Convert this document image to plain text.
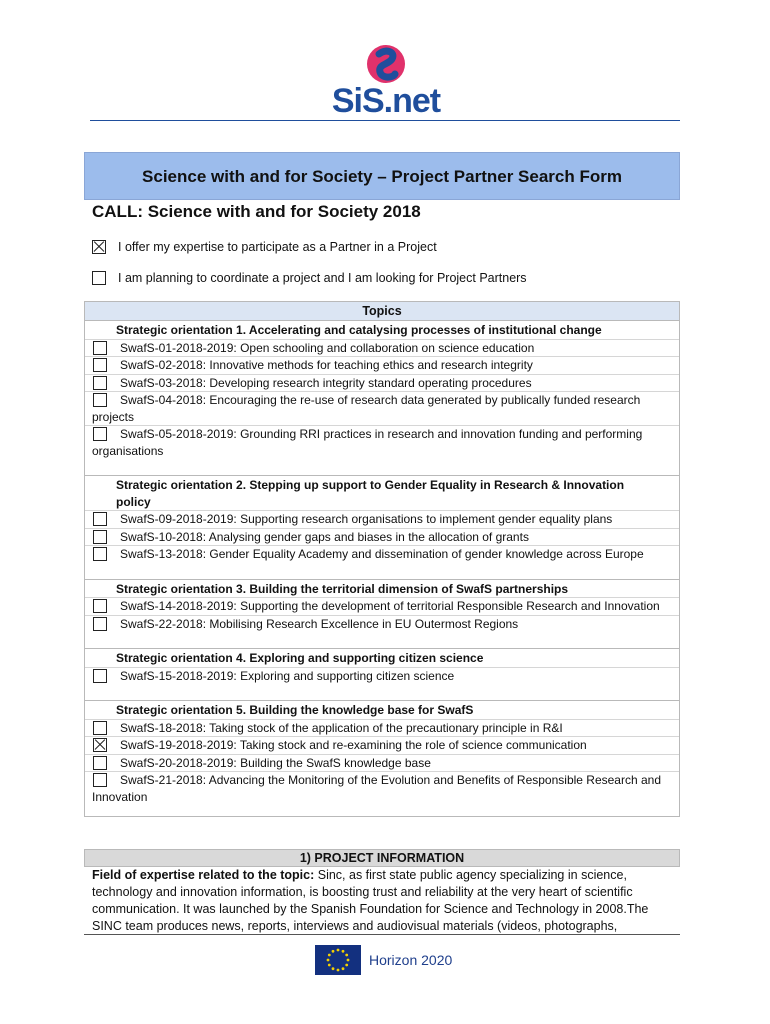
SiS.net
Science with and for Society – Project Partner Search Form
CALL: Science with and for Society 2018
I offer my expertise to participate as a Partner in a Project
I am planning to coordinate a project and I am looking for Project Partners
Topics
Strategic orientation 1. Accelerating and catalysing processes of institutional change
SwafS-01-2018-2019: Open schooling and collaboration on science education
SwafS-02-2018: Innovative methods for teaching ethics and research integrity
SwafS-03-2018: Developing research integrity standard operating procedures
SwafS-04-2018: Encouraging the re-use of research data generated by publically funded research projects
SwafS-05-2018-2019: Grounding RRI practices in research and innovation funding and performing organisations
Strategic orientation 2. Stepping up support to Gender Equality in Research & Innovation policy
SwafS-09-2018-2019: Supporting research organisations to implement gender equality plans
SwafS-10-2018: Analysing gender gaps and biases in the allocation of grants
SwafS-13-2018: Gender Equality Academy and dissemination of gender knowledge across Europe
Strategic orientation 3. Building the territorial dimension of SwafS partnerships
SwafS-14-2018-2019: Supporting the development of territorial Responsible Research and Innovation
SwafS-22-2018: Mobilising Research Excellence in EU Outermost Regions
Strategic orientation 4. Exploring and supporting citizen science
SwafS-15-2018-2019: Exploring and supporting citizen science
Strategic orientation 5. Building the knowledge base for SwafS
SwafS-18-2018: Taking stock of the application of the precautionary principle in R&I
SwafS-19-2018-2019: Taking stock and re-examining the role of science communication
SwafS-20-2018-2019: Building the SwafS knowledge base
SwafS-21-2018: Advancing the Monitoring of the Evolution and Benefits of Responsible Research and Innovation
1) PROJECT INFORMATION
Field of expertise related to the topic: Sinc, as first state public agency specializing in science, technology and innovation information, is boosting trust and reliability at the very heart of scientific communication. It was launched by the Spanish Foundation for Science and Technology in 2008.The SINC team produces news, reports, interviews and audiovisual materials (videos, photographs,
Horizon 2020
